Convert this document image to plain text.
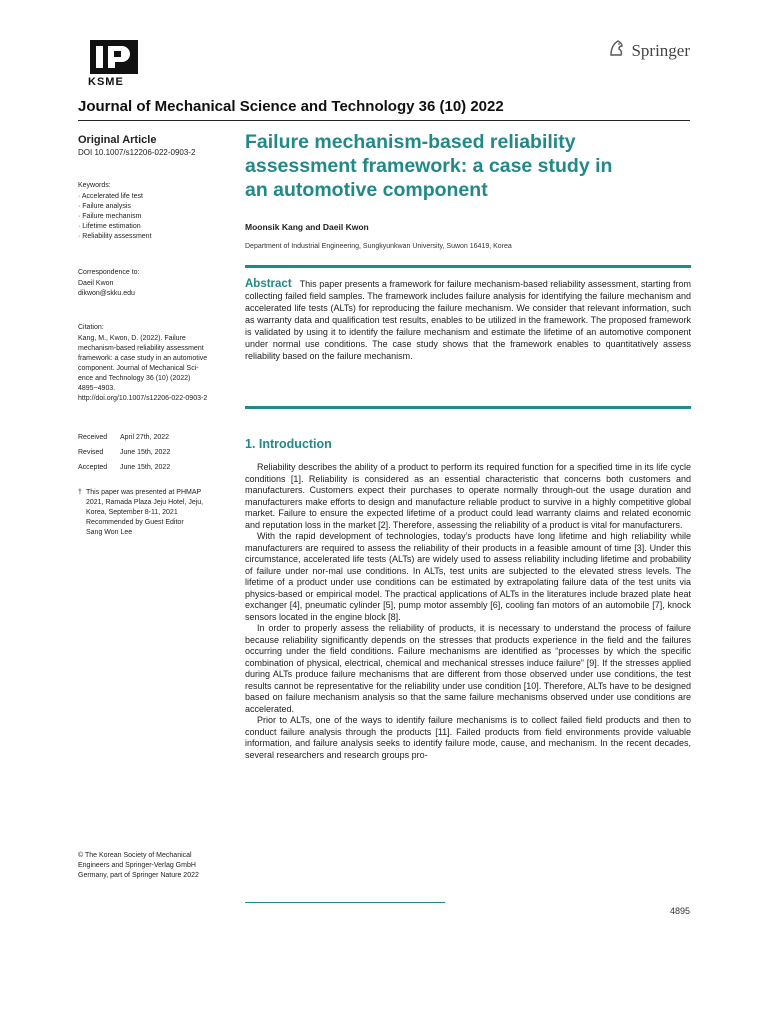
KSME
Springer
Journal of Mechanical Science and Technology 36 (10) 2022
Original Article
DOI 10.1007/s12206-022-0903-2
Keywords:
· Accelerated life test
· Failure analysis
· Failure mechanism
· Lifetime estimation
· Reliability assessment
Correspondence to:
Daeil Kwon
dikwon@skku.edu
Citation:
Kang, M., Kwon, D. (2022). Failure
mechanism-based reliability assessment
framework: a case study in an automotive
component. Journal of Mechanical Sci-
ence and Technology 36 (10) (2022)
4895~4903.
http://doi.org/10.1007/s12206-022-0903-2
Received	April 27th, 2022
Revised	June 15th, 2022
Accepted	June 15th, 2022
† This paper was presented at PHMAP
2021, Ramada Plaza Jeju Hotel, Jeju,
Korea, September 8-11, 2021
Recommended by Guest Editor
Sang Won Lee
© The Korean Society of Mechanical
Engineers and Springer-Verlag GmbH
Germany, part of Springer Nature 2022
Failure mechanism-based reliability
assessment framework: a case study in
an automotive component
Moonsik Kang and Daeil Kwon
Department of Industrial Engineering, Sungkyunkwan University, Suwon 16419, Korea
Abstract This paper presents a framework for failure mechanism-based reliability assessment, starting from collecting failed field samples. The framework includes failure analysis for identifying the failure mechanism and accelerated life tests (ALTs) for reproducing the failure mechanism. We consider that relevant information, such as warranty data and qualification test results, enables to be utilized in the framework. The proposed framework is validated by using it to identify the failure mechanism and estimate the lifetime of an automotive component under normal use conditions. The case study shows that the framework enables to quantitatively assess reliability based on the failure mechanism.
1. Introduction

Reliability describes the ability of a product to perform its required function for a specified time in its life cycle conditions [1]. Reliability is considered as an essential characteristic that concerns both customers and manufacturers. Customers expect their purchases to operate normally through-out the usage duration and manufacturers make efforts to design and manufacture reliable product to survive in a highly competitive global market. Failure to ensure the expected lifetime of a product could lead warranty claims and related economic and reputation loss in the market [2]. Therefore, assessing the reliability of a product is vital for manufacturers.

With the rapid development of technologies, today’s products have long lifetime and high reliability while manufacturers are required to assess the reliability of their products in a feasible amount of time [3]. Under this circumstance, accelerated life tests (ALTs) are widely used to assess reliability including lifetime and probability of failure under nor-mal use conditions. In ALTs, test units are subjected to the elevated stress levels. The lifetime of a product under use conditions can be estimated by extrapolating failure data of the test units via physics-based or empirical model. The practical applications of ALTs in the literatures include brazed plate heat exchanger [4], pneumatic cylinder [5], pump motor assembly [6], cooling fan motors of an automobile [7], knock sensors located in the engine block [8].

In order to properly assess the reliability of products, it is necessary to understand the process of failure because reliability significantly depends on the stresses that products experience in the field and the failures occurring under the field conditions. Failure mechanisms are identified as “processes by which the specific combination of physical, electrical, chemical and mechanical stresses induce failure” [9]. If the stresses applied during ALTs produce failure mechanisms that are different from those observed under use conditions, the test results cannot be representative for the reliability under use condition [10]. Therefore, ALTs have to be designed based on failure mechanism analysis so that the same failure mechanisms observed under use conditions are accelerated.

Prior to ALTs, one of the ways to identify failure mechanisms is to collect failed field products and then to conduct failure analysis through the products [11]. Failed products from field environments provide valuable information, and failure analysis seeks to identify failure mode, cause, and mechanism. In the recent decades, several researchers and research groups pro-

4895
